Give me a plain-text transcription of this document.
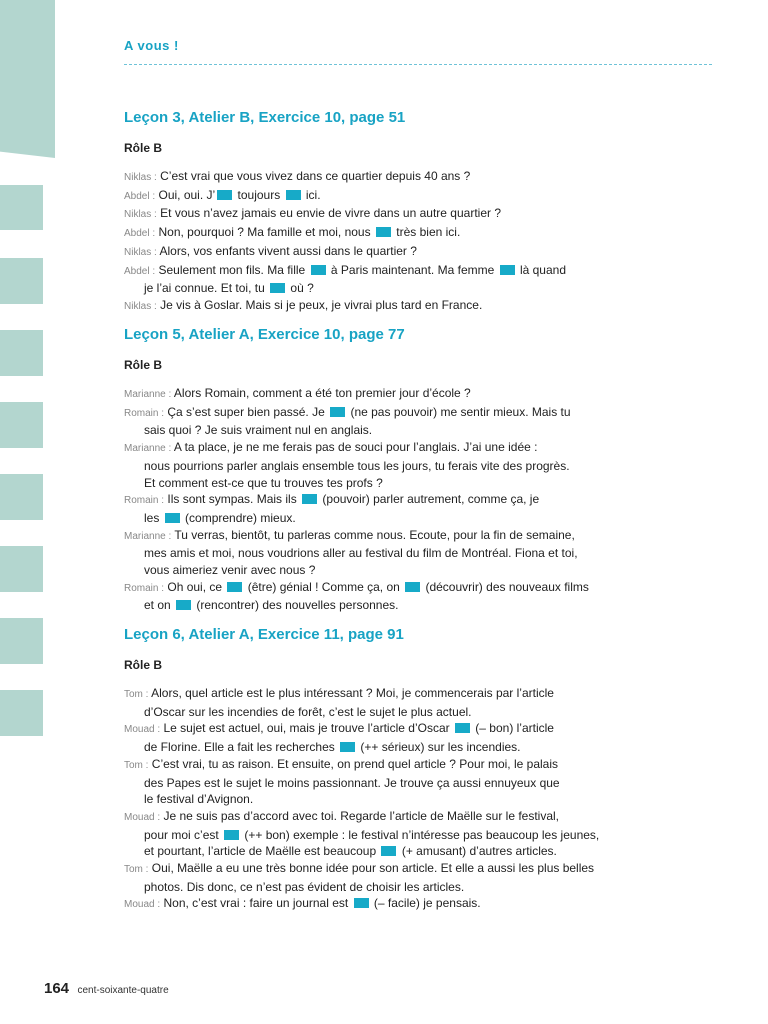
A vous !
Leçon 3, Atelier B, Exercice 10, page 51
Rôle B
Niklas : C’est vrai que vous vivez dans ce quartier depuis 40 ans ?
Abdel : Oui, oui. J’ toujours  ici.
Niklas : Et vous n’avez jamais eu envie de vivre dans un autre quartier ?
Abdel : Non, pourquoi ? Ma famille et moi, nous  très bien ici.
Niklas : Alors, vos enfants vivent aussi dans le quartier ?
Abdel : Seulement mon fils. Ma fille  à Paris maintenant. Ma femme  là quand
je l’ai connue. Et toi, tu  où ?
Niklas : Je vis à Goslar. Mais si je peux, je vivrai plus tard en France.
Leçon 5, Atelier A, Exercice 10, page 77
Rôle B
Marianne : Alors Romain, comment a été ton premier jour d’école ?
Romain : Ça s’est super bien passé. Je  (ne pas pouvoir) me sentir mieux. Mais tu
sais quoi ? Je suis vraiment nul en anglais.
Marianne : A ta place, je ne me ferais pas de souci pour l’anglais. J’ai une idée :
nous pourrions parler anglais ensemble tous les jours, tu ferais vite des progrès.
Et comment est-ce que tu trouves tes profs ?
Romain : Ils sont sympas. Mais ils  (pouvoir) parler autrement, comme ça, je
les  (comprendre) mieux.
Marianne : Tu verras, bientôt, tu parleras comme nous. Ecoute, pour la fin de semaine,
mes amis et moi, nous voudrions aller au festival du film de Montréal. Fiona et toi,
vous aimeriez venir avec nous ?
Romain : Oh oui, ce  (être) génial ! Comme ça, on  (découvrir) des nouveaux films
et on  (rencontrer) des nouvelles personnes.
Leçon 6, Atelier A, Exercice 11, page 91
Rôle B
Tom : Alors, quel article est le plus intéressant ? Moi, je commencerais par l’article
d’Oscar sur les incendies de forêt, c’est le sujet le plus actuel.
Mouad : Le sujet est actuel, oui, mais je trouve l’article d’Oscar  (– bon) l’article
de Florine. Elle a fait les recherches  (++ sérieux) sur les incendies.
Tom : C’est vrai, tu as raison. Et ensuite, on prend quel article ? Pour moi, le palais
des Papes est le sujet le moins passionnant. Je trouve ça aussi ennuyeux que
le festival d’Avignon.
Mouad : Je ne suis pas d’accord avec toi. Regarde l’article de Maëlle sur le festival,
pour moi c’est  (++ bon) exemple : le festival n’intéresse pas beaucoup les jeunes,
et pourtant, l’article de Maëlle est beaucoup  (+ amusant) d’autres articles.
Tom : Oui, Maëlle a eu une très bonne idée pour son article. Et elle a aussi les plus belles
photos. Dis donc, ce n’est pas évident de choisir les articles.
Mouad : Non, c’est vrai : faire un journal est  (– facile) je pensais.
164 cent-soixante-quatre
